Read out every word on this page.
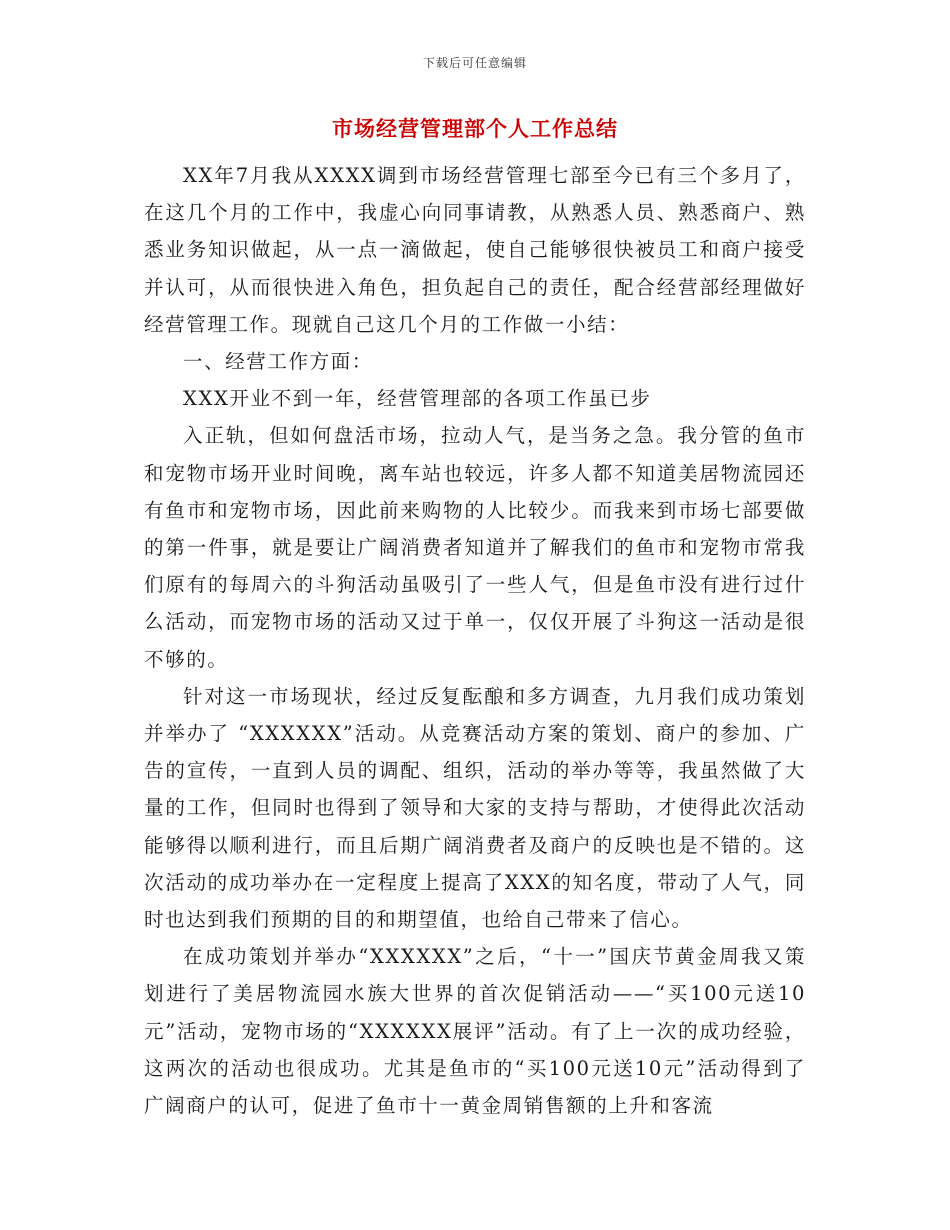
下载后可任意编辑
市场经营管理部个人工作总结

XX年7月我从XXXX调到市场经营管理七部至今已有三个多月了，在这几个月的工作中，我虚心向同事请教，从熟悉人员、熟悉商户、熟悉业务知识做起，从一点一滴做起，使自己能够很快被员工和商户接受并认可，从而很快进入角色，担负起自己的责任，配合经营部经理做好经营管理工作。现就自己这几个月的工作做一小结：

一、经营工作方面：

XXX开业不到一年，经营管理部的各项工作虽已步

入正轨，但如何盘活市场，拉动人气，是当务之急。我分管的鱼市和宠物市场开业时间晚，离车站也较远，许多人都不知道美居物流园还有鱼市和宠物市场，因此前来购物的人比较少。而我来到市场七部要做的第一件事，就是要让广阔消费者知道并了解我们的鱼市和宠物市常我们原有的每周六的斗狗活动虽吸引了一些人气，但是鱼市没有进行过什么活动，而宠物市场的活动又过于单一，仅仅开展了斗狗这一活动是很不够的。

针对这一市场现状，经过反复酝酿和多方调查，九月我们成功策划并举办了 “XXXXXX”活动。从竞赛活动方案的策划、商户的参加、广告的宣传，一直到人员的调配、组织，活动的举办等等，我虽然做了大量的工作，但同时也得到了领导和大家的支持与帮助，才使得此次活动能够得以顺利进行，而且后期广阔消费者及商户的反映也是不错的。这次活动的成功举办在一定程度上提高了XXX的知名度，带动了人气，同时也达到我们预期的目的和期望值，也给自己带来了信心。

在成功策划并举办“XXXXXX”之后，“十一”国庆节黄金周我又策划进行了美居物流园水族大世界的首次促销活动——“买100元送10元”活动，宠物市场的“XXXXXX展评”活动。有了上一次的成功经验，这两次的活动也很成功。尤其是鱼市的“买100元送10元”活动得到了广阔商户的认可，促进了鱼市十一黄金周销售额的上升和客流
